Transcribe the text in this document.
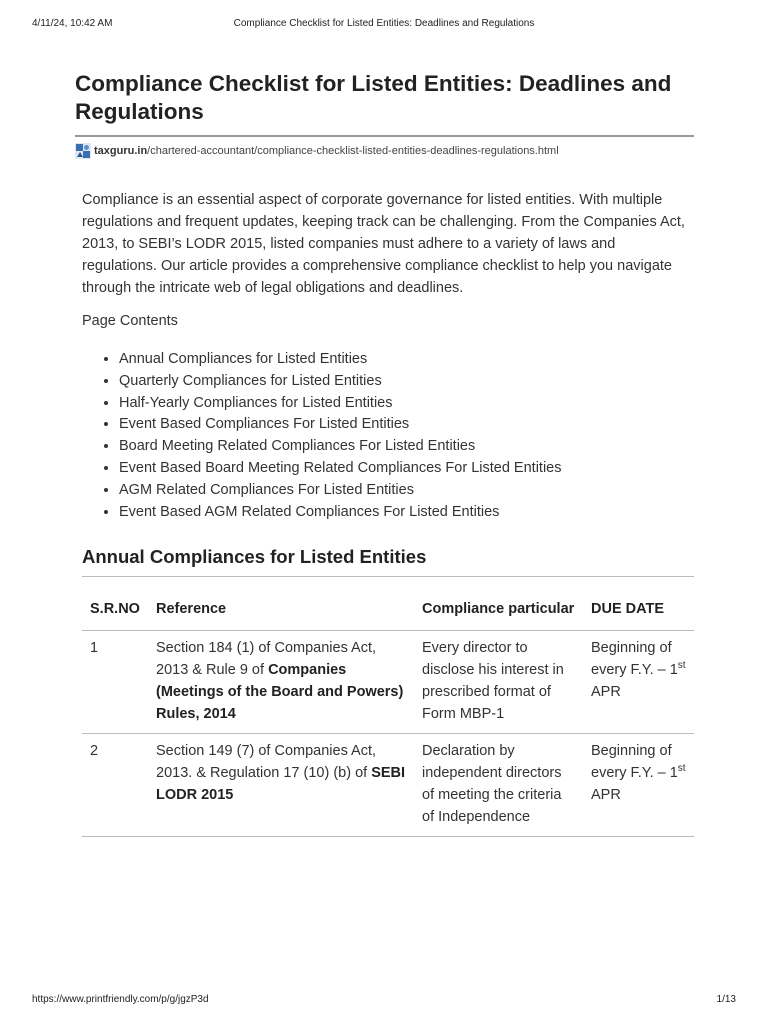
4/11/24, 10:42 AM	Compliance Checklist for Listed Entities: Deadlines and Regulations
Compliance Checklist for Listed Entities: Deadlines and Regulations
taxguru.in /chartered-accountant/compliance-checklist-listed-entities-deadlines-regulations.html

Compliance is an essential aspect of corporate governance for listed entities. With multiple regulations and frequent updates, keeping track can be challenging. From the Companies Act, 2013, to SEBI’s LODR 2015, listed companies must adhere to a variety of laws and regulations. Our article provides a comprehensive compliance checklist to help you navigate through the intricate web of legal obligations and deadlines.

Page Contents
• Annual Compliances for Listed Entities
• Quarterly Compliances for Listed Entities
• Half-Yearly Compliances for Listed Entities
• Event Based Compliances For Listed Entities
• Board Meeting Related Compliances For Listed Entities
• Event Based Board Meeting Related Compliances For Listed Entities
• AGM Related Compliances For Listed Entities
• Event Based AGM Related Compliances For Listed Entities
Annual Compliances for Listed Entities
S.R.NO	Reference	Compliance particular	DUE DATE
1	Section 184 (1) of Companies Act, 2013 & Rule 9 of Companies (Meetings of the Board and Powers) Rules, 2014	Every director to disclose his interest in prescribed format of Form MBP-1	Beginning of every F.Y. – 1st APR
2	Section 149 (7) of Companies Act, 2013. & Regulation 17 (10) (b) of SEBI LODR 2015	Declaration by independent directors of meeting the criteria of Independence	Beginning of every F.Y. – 1st APR
https://www.printfriendly.com/p/g/jgzP3d	1/13
